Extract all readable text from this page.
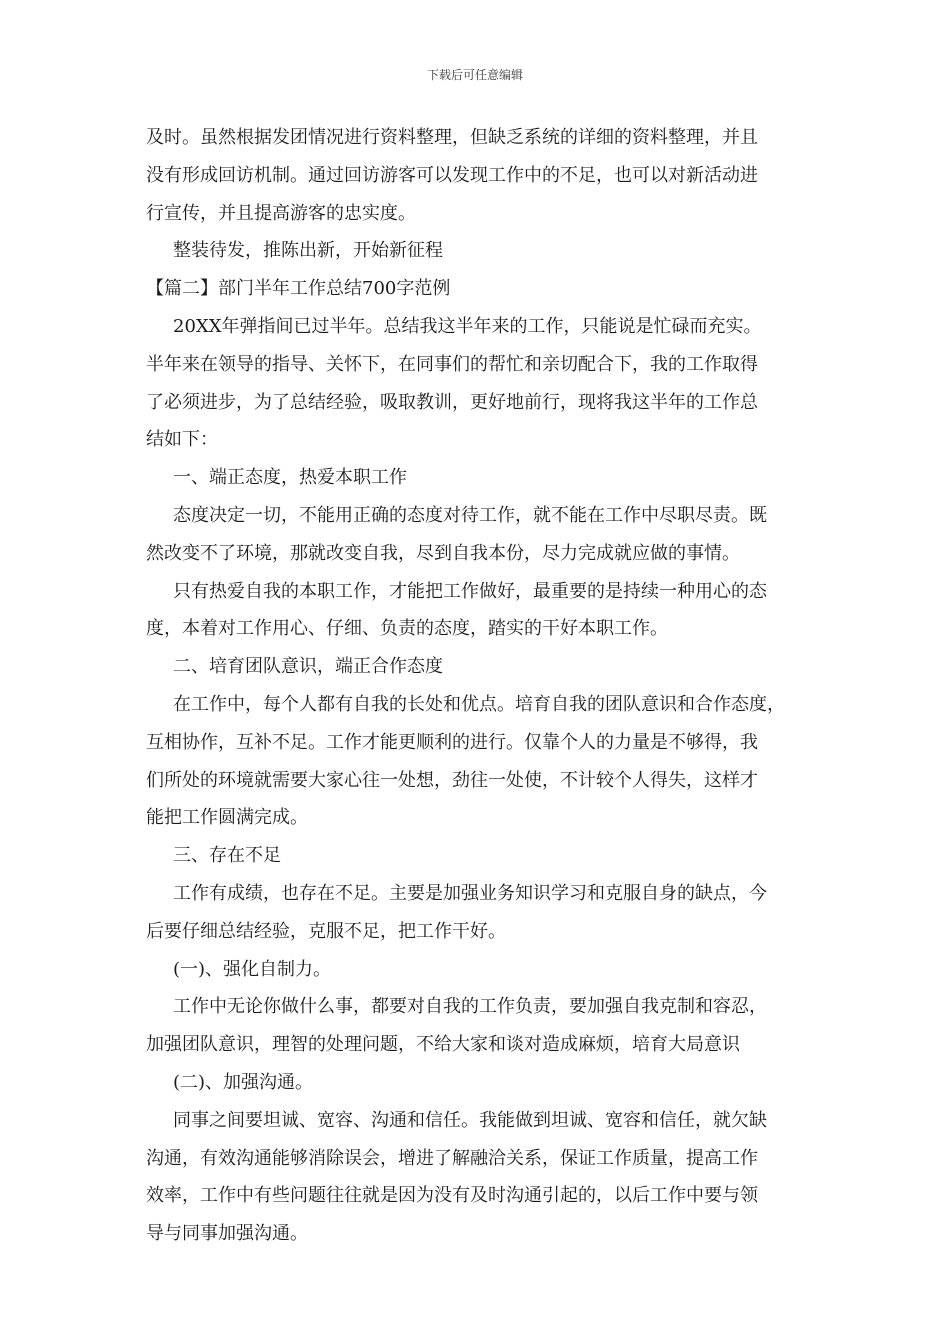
下载后可任意编辑
及时。虽然根据发团情况进行资料整理，但缺乏系统的详细的资料整理，并且
没有形成回访机制。通过回访游客可以发现工作中的不足，也可以对新活动进
行宣传，并且提高游客的忠实度。
整装待发，推陈出新，开始新征程
【篇二】部门半年工作总结700字范例
20XX年弹指间已过半年。总结我这半年来的工作，只能说是忙碌而充实。
半年来在领导的指导、关怀下，在同事们的帮忙和亲切配合下，我的工作取得
了必须进步，为了总结经验，吸取教训，更好地前行，现将我这半年的工作总
结如下：
一、端正态度，热爱本职工作
态度决定一切，不能用正确的态度对待工作，就不能在工作中尽职尽责。既
然改变不了环境，那就改变自我，尽到自我本份，尽力完成就应做的事情。
只有热爱自我的本职工作，才能把工作做好，最重要的是持续一种用心的态
度，本着对工作用心、仔细、负责的态度，踏实的干好本职工作。
二、培育团队意识，端正合作态度
在工作中，每个人都有自我的长处和优点。培育自我的团队意识和合作态度，
互相协作，互补不足。工作才能更顺利的进行。仅靠个人的力量是不够得，我
们所处的环境就需要大家心往一处想，劲往一处使，不计较个人得失，这样才
能把工作圆满完成。
三、存在不足
工作有成绩，也存在不足。主要是加强业务知识学习和克服自身的缺点，今
后要仔细总结经验，克服不足，把工作干好。
(一)、强化自制力。
工作中无论你做什么事，都要对自我的工作负责，要加强自我克制和容忍，
加强团队意识，理智的处理问题，不给大家和谈对造成麻烦，培育大局意识
(二)、加强沟通。
同事之间要坦诚、宽容、沟通和信任。我能做到坦诚、宽容和信任，就欠缺
沟通，有效沟通能够消除误会，增进了解融洽关系，保证工作质量，提高工作
效率，工作中有些问题往往就是因为没有及时沟通引起的，以后工作中要与领
导与同事加强沟通。
